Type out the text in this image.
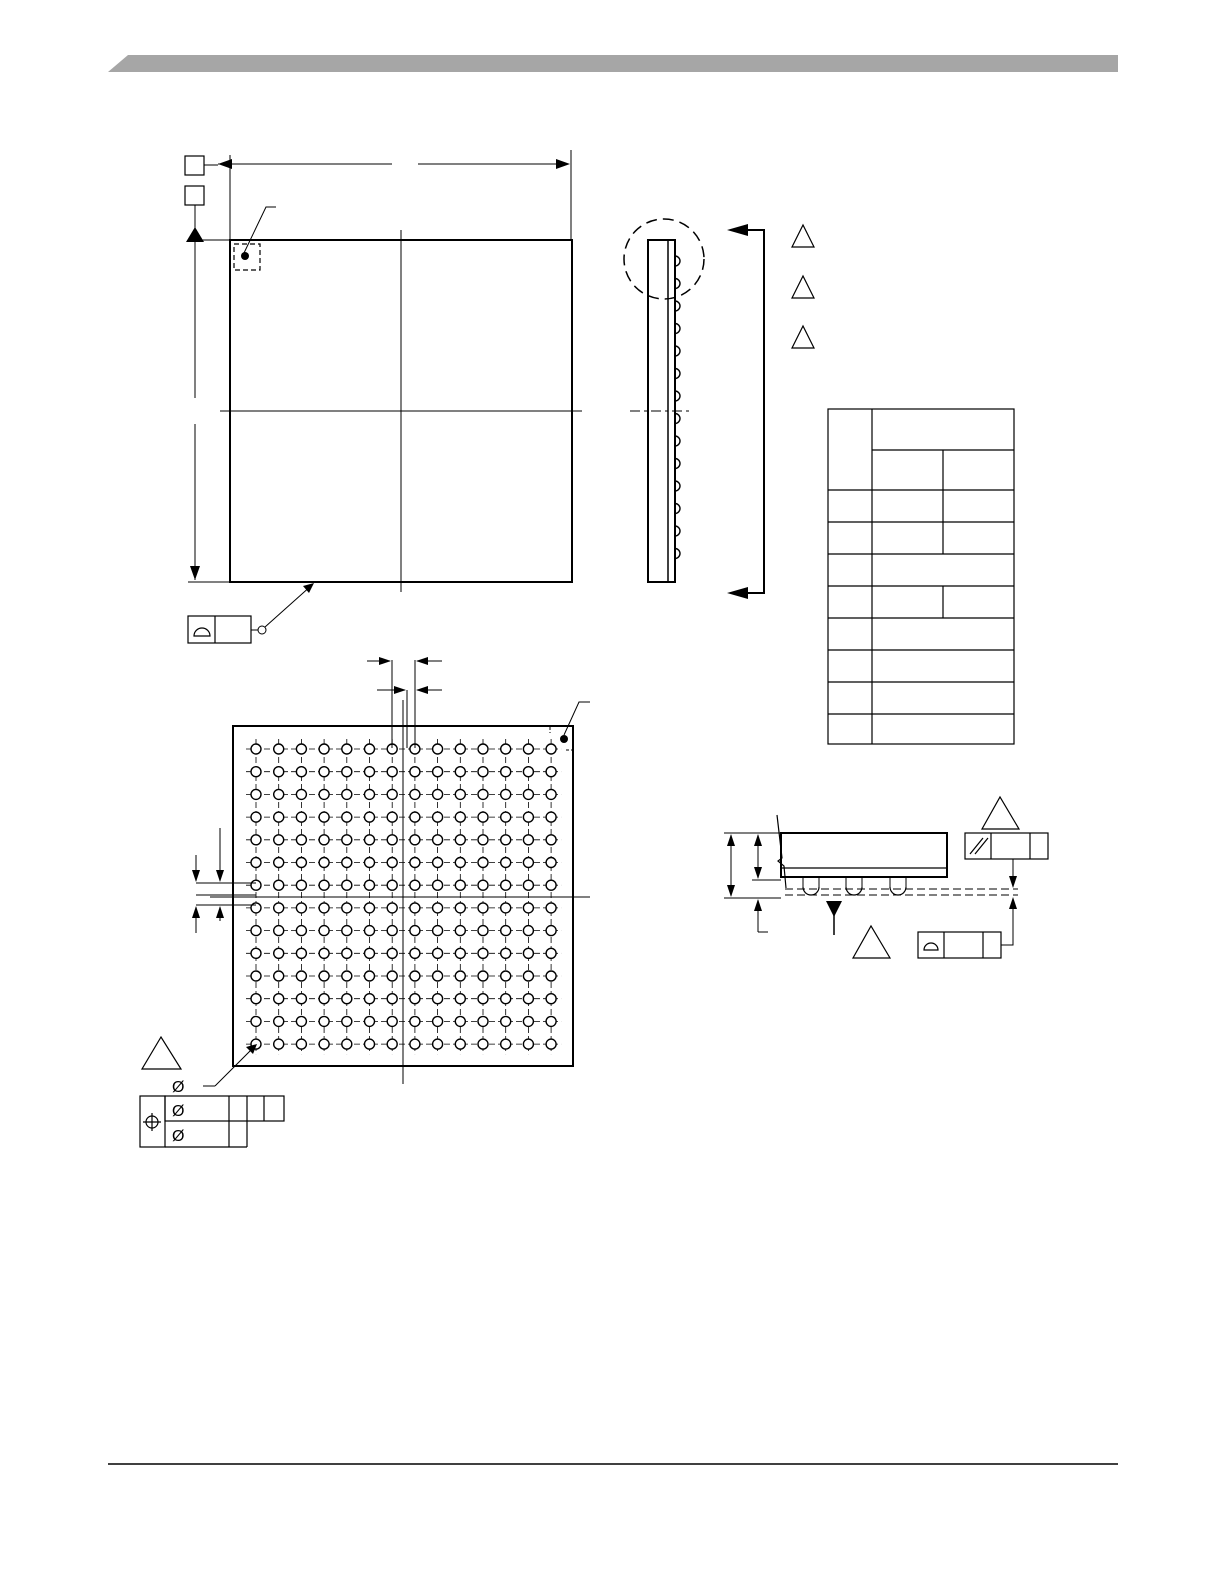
Ø
Ø
Ø
